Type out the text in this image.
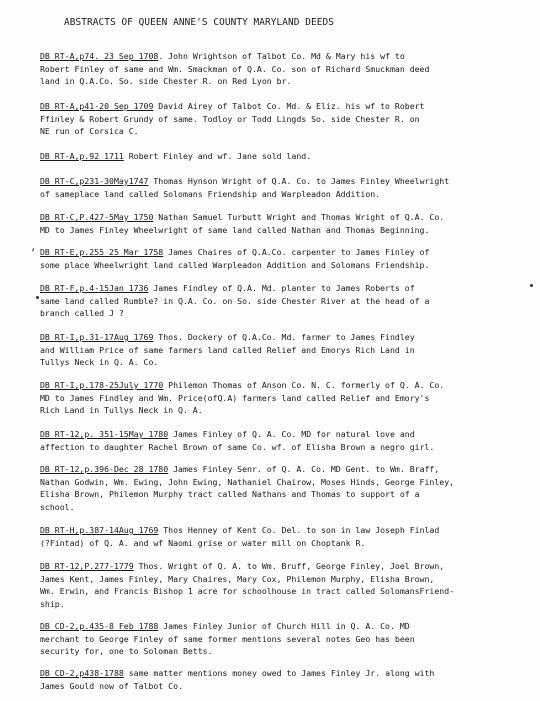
ABSTRACTS OF QUEEN ANNE'S COUNTY MARYLAND DEEDS
DB RT-A,p74. 23 Sep 1708. John Wrightson of Talbot Co. Md & Mary his wf to
Robert Finley of same and Wm. Smackman of Q.A. Co. son of Richard Smuckman deed
land in Q.A.Co. So. side Chester R. on Red Lyon br.
DB RT-A,p41-20 Sep 1709 David Airey of Talbot Co. Md. & Eliz. his wf to Robert
Ffinley & Robert Grundy of same. Todloy or Todd Lingds So. side Chester R. on
NE run of Corsica C.
DB RT-A,p.92 1711 Robert Finley and wf. Jane sold land.
DB RT-C,p231-30May1747 Thomas Hynson Wright of Q.A. Co. to James Finley Wheelwright
of sameplace land called Solomans Friendship and Warpleadon Addition.
DB RT-C,P.427-5May 1750 Nathan Samuel Turbutt Wright and Thomas Wright of Q.A. Co.
MD to James Finley Wheelwright of same land called Nathan and Thomas Beginning.
DB RT-E,p.255 25 Mar 1758 James Chaires of Q.A.Co. carpenter to James Finley of
some place Wheelwright land called Warpleadon Addition and Solomans Friendship.
DB RT-F,p.4-15Jan 1736 James Findley of Q.A. Md. planter to James Roberts of
same land called Rumble? in Q.A. Co. on So. side Chester River at the head of a
branch called J ?
DB RT-I,p.31-17Aug 1769 Thos. Dockery of Q.A.Co. Md. farmer to James Findley
and William Price of same farmers land called Relief and Emorys Rich Land in
Tullys Neck in Q. A. Co.
DB RT-I,p.178-25July 1770 Philemon Thomas of Anson Co. N. C. formerly of Q. A. Co.
MD to James Findley and Wm. Price(ofQ.A) farmers land called Relief and Emory's
Rich Land in Tullys Neck in Q. A.
DB RT-12,p. 351-15May 1780 James Finley of Q. A. Co. MD for natural love and
affection to daughter Rachel Brown of same Co. wf. of Elisha Brown a negro girl.
DB RT-12,p.396-Dec 28 1780 James Finley Senr. of Q. A. Co. MD Gent. to Wm. Braff,
Nathan Godwin, Wm. Ewing, John Ewing, Nathaniel Chairow, Moses Hinds, George Finley,
Elisha Brown, Philemon Murphy tract called Nathans and Thomas to support of a
school.
DB RT-H,p.387-14Aug 1769 Thos Henney of Kent Co. Del. to son in law Joseph Finlad
(?Fintad) of Q. A. and wf Naomi grise or water mill on Choptank R.
DB RT-12,P.277-1779 Thos. Wright of Q. A. to Wm. Bruff, George Finley, Joel Brown,
James Kent, James Finley, Mary Chaires, Mary Cox, Philemon Murphy, Elisha Brown,
Wm. Erwin, and Francis Bishop 1 acre for schoolhouse in tract called SolomansFriend-
ship.
DB CD-2,p.435-8 Feb 1788 James Finley Junior of Church Hill in Q. A. Co. MD
merchant to George Finley of same former mentions several notes Geo has been
security for, one to Soloman Betts.
DB CD-2,p438-1788 same matter mentions money owed to James Finley Jr. along with
James Gould now of Talbot Co.
’
